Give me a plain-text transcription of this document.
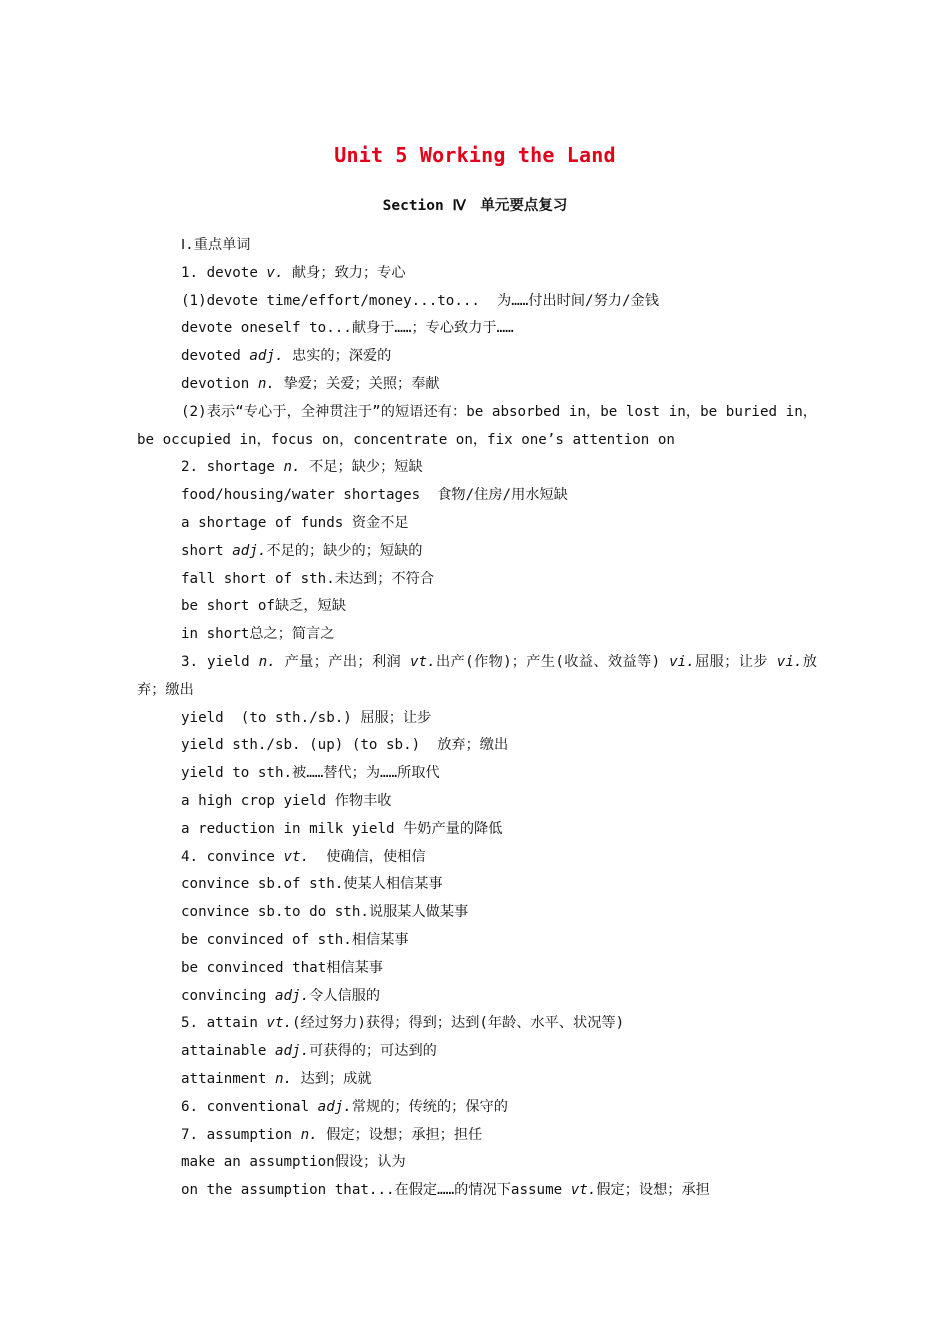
Unit 5 Working the Land
Section Ⅳ　单元要点复习
Ⅰ.重点单词
1. devote v. 献身；致力；专心
(1)devote time/effort/money...to...  为……付出时间/努力/金钱
devote oneself to...献身于……；专心致力于……
devoted adj. 忠实的；深爱的
devotion n. 挚爱；关爱；关照；奉献
(2)表示“专心于，全神贯注于”的短语还有：be absorbed in，be lost in，be buried in，be occupied in，focus on，concentrate on，fix one’s attention on
2. shortage n. 不足；缺少；短缺
food/housing/water shortages  食物/住房/用水短缺
a shortage of funds 资金不足
short adj.不足的；缺少的；短缺的
fall short of sth.未达到；不符合
be short of缺乏，短缺
in short总之；简言之
3. yield n. 产量；产出；利润 vt.出产(作物)；产生(收益、效益等) vi.屈服；让步 vi.放弃；缴出
yield  (to sth./sb.) 屈服；让步
yield sth./sb. (up) (to sb.)  放弃；缴出
yield to sth.被……替代；为……所取代
a high crop yield 作物丰收
a reduction in milk yield 牛奶产量的降低
4. convince vt.  使确信，使相信
convince sb.of sth.使某人相信某事
convince sb.to do sth.说服某人做某事
be convinced of sth.相信某事
be convinced that相信某事
convincing adj.令人信服的
5. attain vt.(经过努力)获得；得到；达到(年龄、水平、状况等)
attainable adj.可获得的；可达到的
attainment n. 达到；成就
6. conventional adj.常规的；传统的；保守的
7. assumption n. 假定；设想；承担；担任
make an assumption假设；认为
on the assumption that...在假定……的情况下assume vt.假定；设想；承担
